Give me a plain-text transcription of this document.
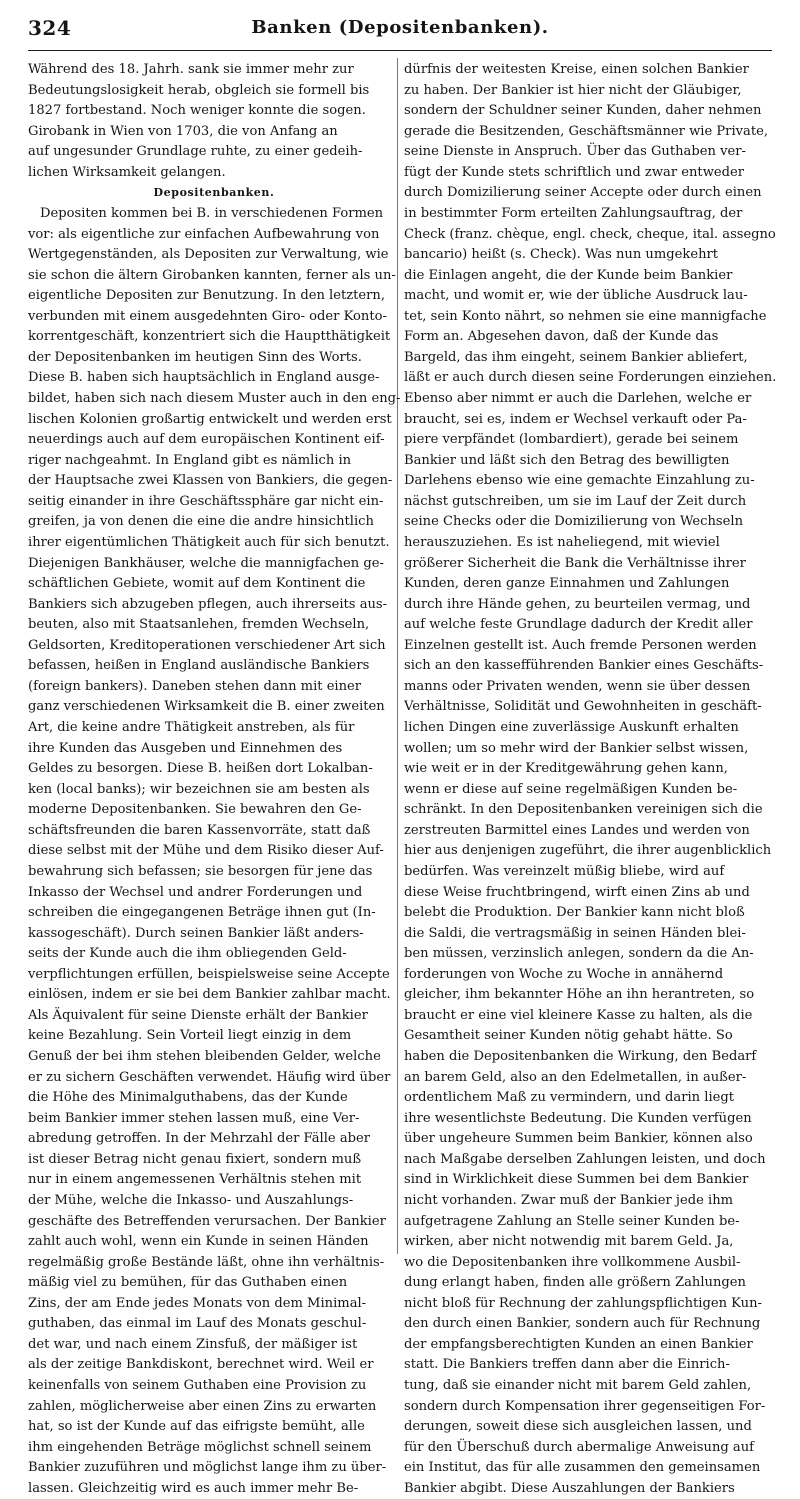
324	Banken (Depositenbanken).
Während des 18. Jahrh. sank sie immer mehr zur
Bedeutungslosigkeit herab, obgleich sie formell bis
1827 fortbestand. Noch weniger konnte die sogen.
Girobank in Wien von 1703, die von Anfang an
auf ungesunder Grundlage ruhte, zu einer gedeih-
lichen Wirksamkeit gelangen.
Depositenbanken.
Depositen kommen bei B. in verschiedenen Formen
vor: als eigentliche zur einfachen Aufbewahrung von
Wertgegenständen, als Depositen zur Verwaltung, wie
sie schon die ältern Girobanken kannten, ferner als un-
eigentliche Depositen zur Benutzung. In den letztern,
verbunden mit einem ausgedehnten Giro- oder Konto-
korrentgeschäft, konzentriert sich die Hauptthätigkeit
der Depositenbanken im heutigen Sinn des Worts.
Diese B. haben sich hauptsächlich in England ausge-
bildet, haben sich nach diesem Muster auch in den eng-
lischen Kolonien großartig entwickelt und werden erst
neuerdings auch auf dem europäischen Kontinent eif-
riger nachgeahmt. In England gibt es nämlich in
der Hauptsache zwei Klassen von Bankiers, die gegen-
seitig einander in ihre Geschäftssphäre gar nicht ein-
greifen, ja von denen die eine die andre hinsichtlich
ihrer eigentümlichen Thätigkeit auch für sich benutzt.
Diejenigen Bankhäuser, welche die mannigfachen ge-
schäftlichen Gebiete, womit auf dem Kontinent die
Bankiers sich abzugeben pflegen, auch ihrerseits aus-
beuten, also mit Staatsanlehen, fremden Wechseln,
Geldsorten, Kreditoperationen verschiedener Art sich
befassen, heißen in England ausländische Bankiers
(foreign bankers). Daneben stehen dann mit einer
ganz verschiedenen Wirksamkeit die B. einer zweiten
Art, die keine andre Thätigkeit anstreben, als für
ihre Kunden das Ausgeben und Einnehmen des
Geldes zu besorgen. Diese B. heißen dort Lokalban-
ken (local banks); wir bezeichnen sie am besten als
moderne Depositenbanken. Sie bewahren den Ge-
schäftsfreunden die baren Kassenvorräte, statt daß
diese selbst mit der Mühe und dem Risiko dieser Auf-
bewahrung sich befassen; sie besorgen für jene das
Inkasso der Wechsel und andrer Forderungen und
schreiben die eingegangenen Beträge ihnen gut (In-
kassogeschäft). Durch seinen Bankier läßt anders-
seits der Kunde auch die ihm obliegenden Geld-
verpflichtungen erfüllen, beispielsweise seine Accepte
einlösen, indem er sie bei dem Bankier zahlbar macht.
Als Äquivalent für seine Dienste erhält der Bankier
keine Bezahlung. Sein Vorteil liegt einzig in dem
Genuß der bei ihm stehen bleibenden Gelder, welche
er zu sichern Geschäften verwendet. Häufig wird über
die Höhe des Minimalguthabens, das der Kunde
beim Bankier immer stehen lassen muß, eine Ver-
abredung getroffen. In der Mehrzahl der Fälle aber
ist dieser Betrag nicht genau fixiert, sondern muß
nur in einem angemessenen Verhältnis stehen mit
der Mühe, welche die Inkasso- und Auszahlungs-
geschäfte des Betreffenden verursachen. Der Bankier
zahlt auch wohl, wenn ein Kunde in seinen Händen
regelmäßig große Bestände läßt, ohne ihn verhältnis-
mäßig viel zu bemühen, für das Guthaben einen
Zins, der am Ende jedes Monats von dem Minimal-
guthaben, das einmal im Lauf des Monats geschul-
det war, und nach einem Zinsfuß, der mäßiger ist
als der zeitige Bankdiskont, berechnet wird. Weil er
keinenfalls von seinem Guthaben eine Provision zu
zahlen, möglicherweise aber einen Zins zu erwarten
hat, so ist der Kunde auf das eifrigste bemüht, alle
ihm eingehenden Beträge möglichst schnell seinem
Bankier zuzuführen und möglichst lange ihm zu über-
lassen. Gleichzeitig wird es auch immer mehr Be-
dürfnis der weitesten Kreise, einen solchen Bankier
zu haben. Der Bankier ist hier nicht der Gläubiger,
sondern der Schuldner seiner Kunden, daher nehmen
gerade die Besitzenden, Geschäftsmänner wie Private,
seine Dienste in Anspruch. Über das Guthaben ver-
fügt der Kunde stets schriftlich und zwar entweder
durch Domizilierung seiner Accepte oder durch einen
in bestimmter Form erteilten Zahlungsauftrag, der
Check (franz. chèque, engl. check, cheque, ital. assegno
bancario) heißt (s. Check). Was nun umgekehrt
die Einlagen angeht, die der Kunde beim Bankier
macht, und womit er, wie der übliche Ausdruck lau-
tet, sein Konto nährt, so nehmen sie eine mannigfache
Form an. Abgesehen davon, daß der Kunde das
Bargeld, das ihm eingeht, seinem Bankier abliefert,
läßt er auch durch diesen seine Forderungen einziehen.
Ebenso aber nimmt er auch die Darlehen, welche er
braucht, sei es, indem er Wechsel verkauft oder Pa-
piere verpfändet (lombardiert), gerade bei seinem
Bankier und läßt sich den Betrag des bewilligten
Darlehens ebenso wie eine gemachte Einzahlung zu-
nächst gutschreiben, um sie im Lauf der Zeit durch
seine Checks oder die Domizilierung von Wechseln
herauszuziehen. Es ist naheliegend, mit wieviel
größerer Sicherheit die Bank die Verhältnisse ihrer
Kunden, deren ganze Einnahmen und Zahlungen
durch ihre Hände gehen, zu beurteilen vermag, und
auf welche feste Grundlage dadurch der Kredit aller
Einzelnen gestellt ist. Auch fremde Personen werden
sich an den kassefführenden Bankier eines Geschäfts-
manns oder Privaten wenden, wenn sie über dessen
Verhältnisse, Solidität und Gewohnheiten in geschäft-
lichen Dingen eine zuverlässige Auskunft erhalten
wollen; um so mehr wird der Bankier selbst wissen,
wie weit er in der Kreditgewährung gehen kann,
wenn er diese auf seine regelmäßigen Kunden be-
schränkt. In den Depositenbanken vereinigen sich die
zerstreuten Barmittel eines Landes und werden von
hier aus denjenigen zugeführt, die ihrer augenblicklich
bedürfen. Was vereinzelt müßig bliebe, wird auf
diese Weise fruchtbringend, wirft einen Zins ab und
belebt die Produktion. Der Bankier kann nicht bloß
die Saldi, die vertragsmäßig in seinen Händen blei-
ben müssen, verzinslich anlegen, sondern da die An-
forderungen von Woche zu Woche in annähernd
gleicher, ihm bekannter Höhe an ihn herantreten, so
braucht er eine viel kleinere Kasse zu halten, als die
Gesamtheit seiner Kunden nötig gehabt hätte. So
haben die Depositenbanken die Wirkung, den Bedarf
an barem Geld, also an den Edelmetallen, in außer-
ordentlichem Maß zu vermindern, und darin liegt
ihre wesentlichste Bedeutung. Die Kunden verfügen
über ungeheure Summen beim Bankier, können also
nach Maßgabe derselben Zahlungen leisten, und doch
sind in Wirklichkeit diese Summen bei dem Bankier
nicht vorhanden. Zwar muß der Bankier jede ihm
aufgetragene Zahlung an Stelle seiner Kunden be-
wirken, aber nicht notwendig mit barem Geld. Ja,
wo die Depositenbanken ihre vollkommene Ausbil-
dung erlangt haben, finden alle größern Zahlungen
nicht bloß für Rechnung der zahlungspflichtigen Kun-
den durch einen Bankier, sondern auch für Rechnung
der empfangsberechtigten Kunden an einen Bankier
statt. Die Bankiers treffen dann aber die Einrich-
tung, daß sie einander nicht mit barem Geld zahlen,
sondern durch Kompensation ihrer gegenseitigen For-
derungen, soweit diese sich ausgleichen lassen, und
für den Überschuß durch abermalige Anweisung auf
ein Institut, das für alle zusammen den gemeinsamen
Bankier abgibt. Diese Auszahlungen der Bankiers
